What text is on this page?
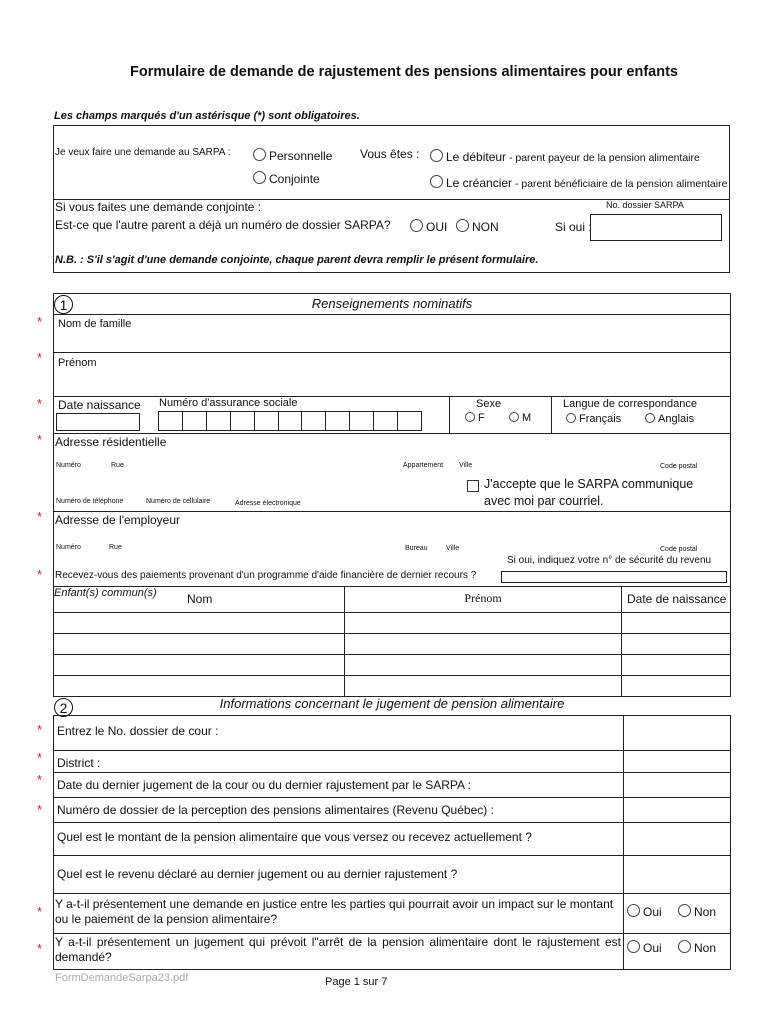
Formulaire de demande de rajustement des pensions alimentaires pour enfants
Les champs marqués d'un astérisque (*) sont obligatoires.
Je veux faire une demande au SARPA :	Personnelle
Conjointe
Vous êtes :	Le débiteur - parent payeur de la pension alimentaire
Le créancier - parent bénéficiaire de la pension alimentaire
Si vous faites une demande conjointe :
Est-ce que l'autre parent a déjà un numéro de dossier SARPA?	OUI	NON	Si oui :
No. dossier SARPA
N.B. : S'il s'agit d'une demande conjointe, chaque parent devra remplir le présent formulaire.
1	Renseignements nominatifs
* Nom de famille
* Prénom
* Date naissance Numéro d'assurance sociale	Sexe
F	M
Langue de correspondance
Français	Anglais
* Adresse résidentielle
Numéro	Rue	Appartement Ville	Code postal
Numéro de téléphone	Numéro de cellulaire	Adresse électronique
J'accepte que le SARPA communique
avec moi par courriel.
* Adresse de l'employeur
Numéro	Rue	Bureau	Ville	Code postal
Si oui, indiquez votre n° de sécurité du revenu
* Recevez-vous des paiements provenant d'un programme d'aide financière de dernier recours ?
Enfant(s) commun(s)	Nom	Prénom	Date de naissance
2	Informations concernant le jugement de pension alimentaire
* Entrez le No. dossier de cour :
* District :
* Date du dernier jugement de la cour ou du dernier rajustement par le SARPA :
* Numéro de dossier de la perception des pensions alimentaires (Revenu Québec) :
Quel est le montant de la pension alimentaire que vous versez ou recevez actuellement ?
Quel est le revenu déclaré au dernier jugement ou au dernier rajustement ?
* Y a-t-il présentement une demande en justice entre les parties qui pourrait avoir un impact sur le montant ou le paiement de la pension alimentaire?	Oui	Non
* Y a-t-il présentement un jugement qui prévoit l"arrêt de la pension alimentaire dont le rajustement est demandé?
Oui	Non
FormDemandeSarpa23.pdf	Page 1 sur 7
